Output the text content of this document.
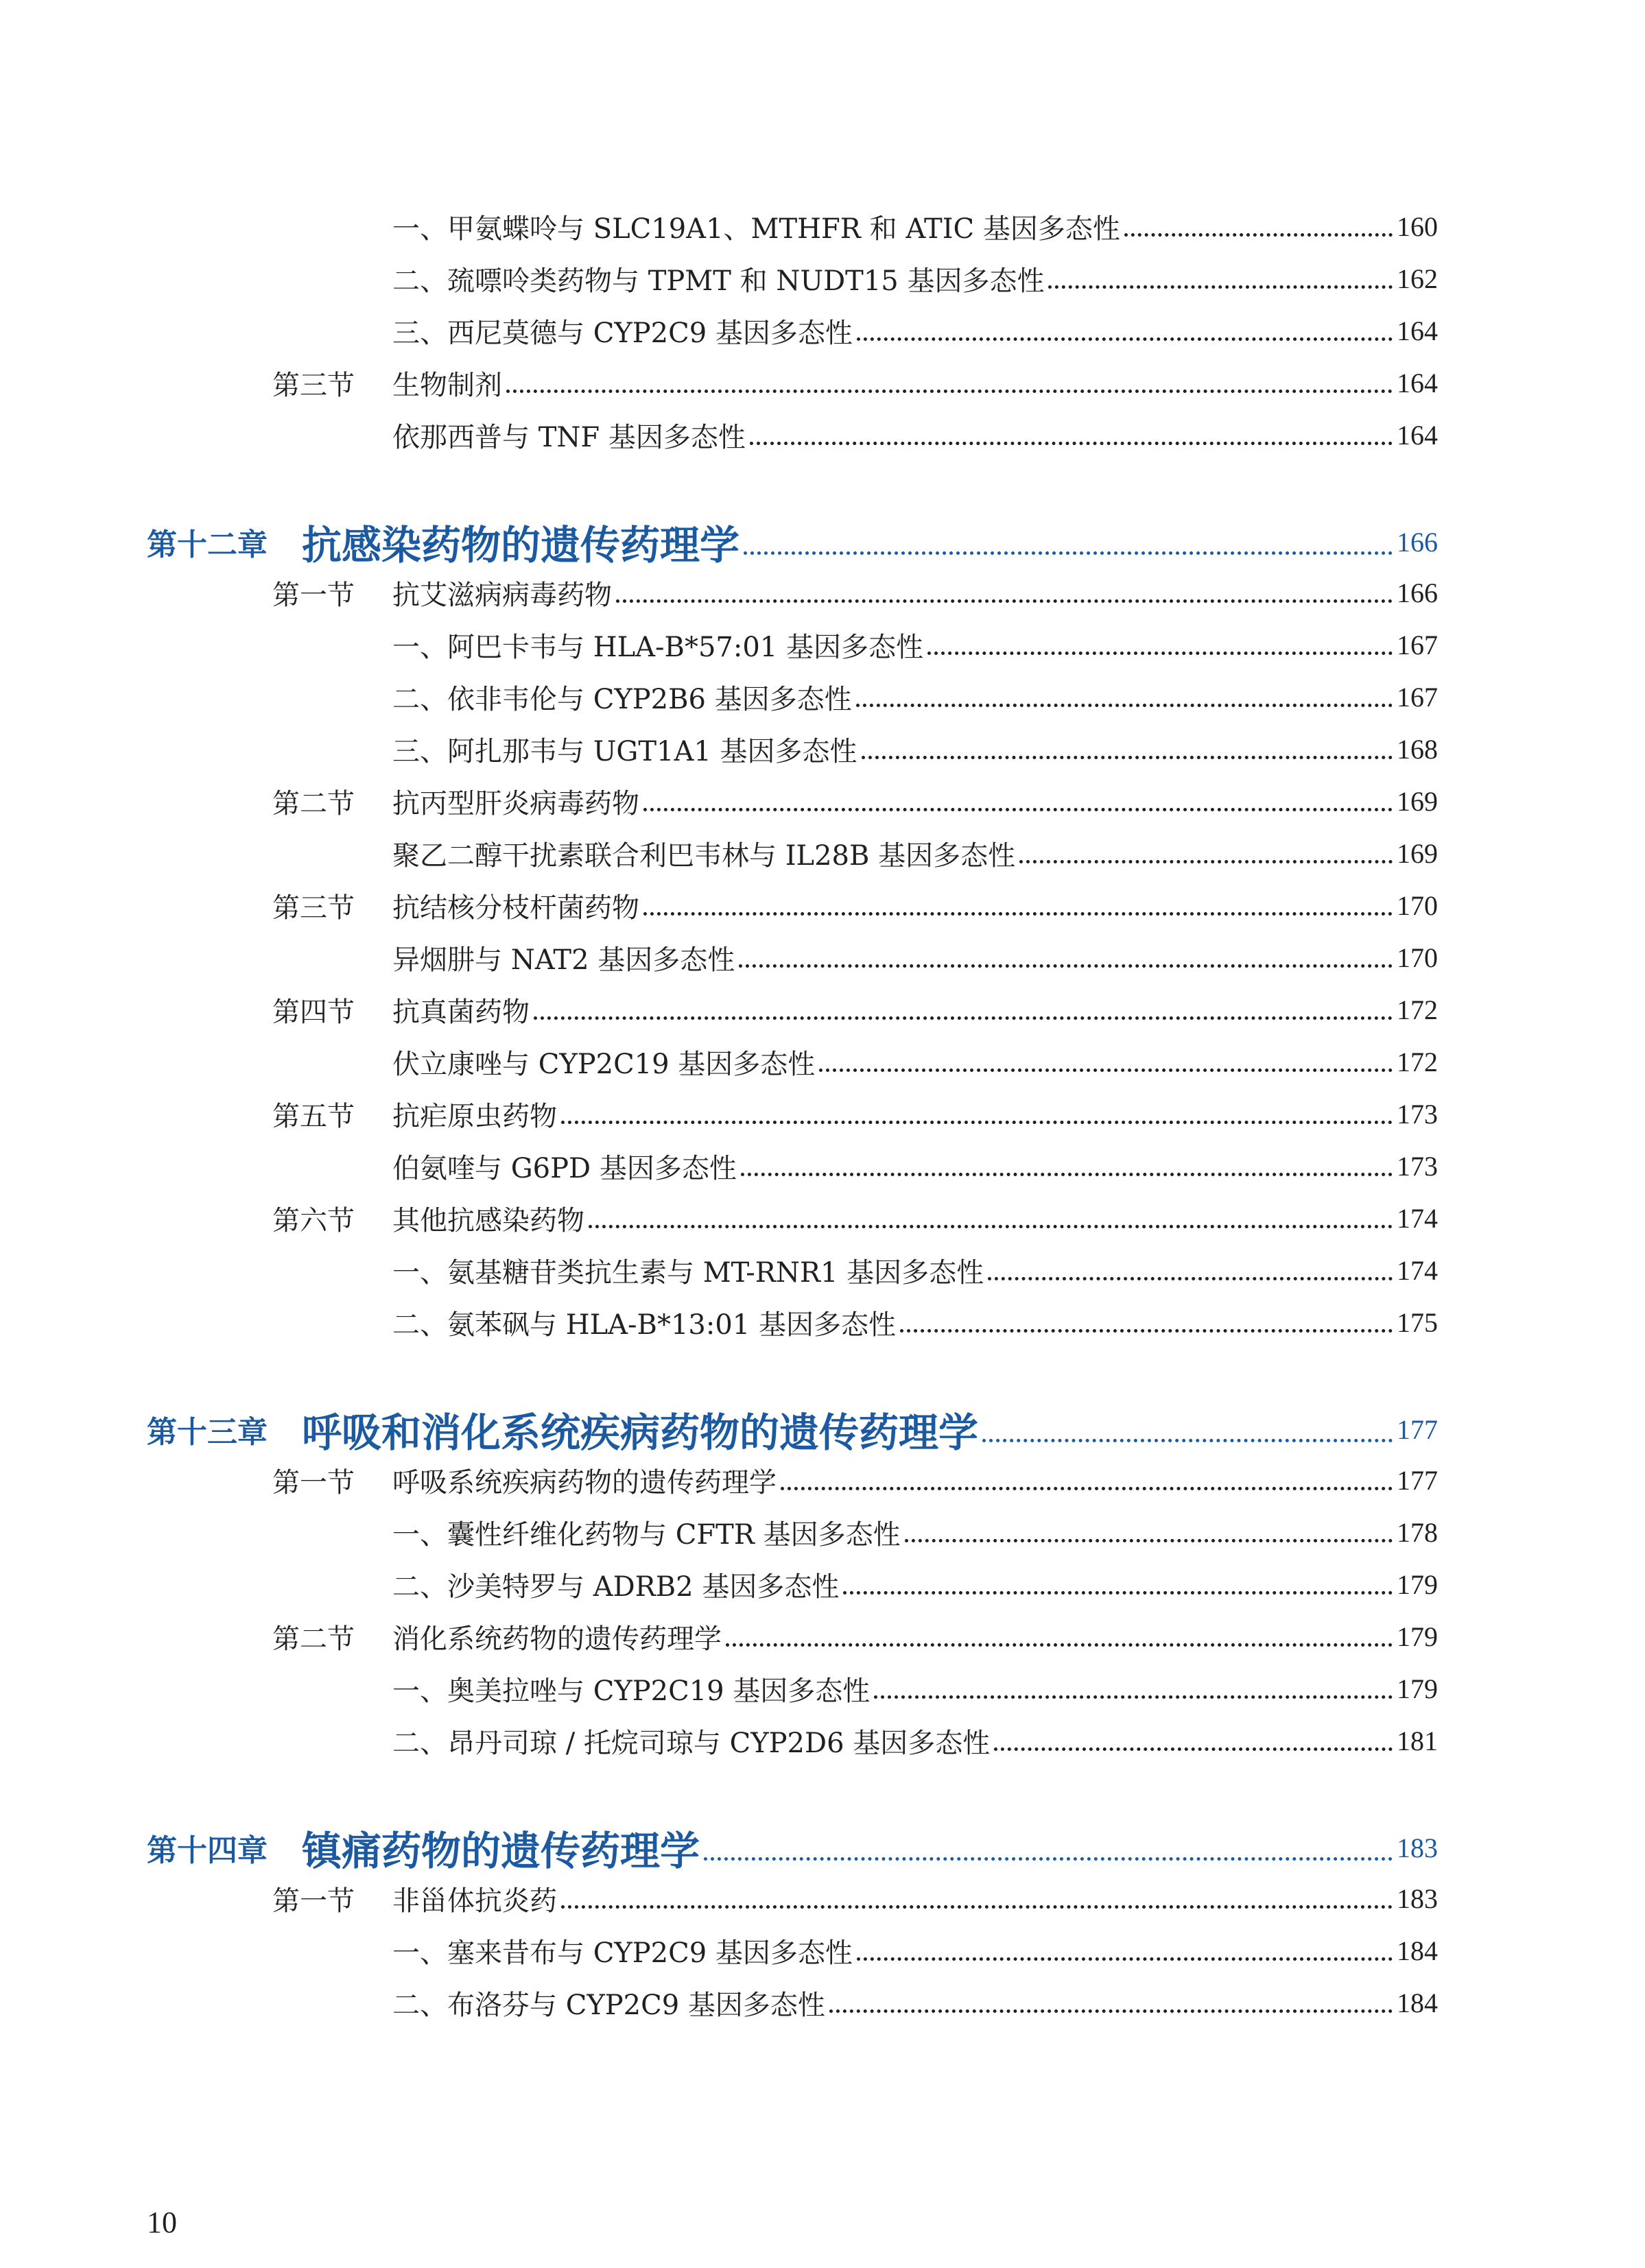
一、甲氨蝶呤与 SLC19A1、MTHFR 和 ATIC 基因多态性	160
二、巯嘌呤类药物与 TPMT 和 NUDT15 基因多态性	162
三、西尼莫德与 CYP2C9 基因多态性	164
第三节 生物制剂	164
依那西普与 TNF 基因多态性	164
第十二章 抗感染药物的遗传药理学	166
第一节 抗艾滋病病毒药物	166
一、阿巴卡韦与 HLA-B*57:01 基因多态性	167
二、依非韦伦与 CYP2B6 基因多态性	167
三、阿扎那韦与 UGT1A1 基因多态性	168
第二节 抗丙型肝炎病毒药物	169
聚乙二醇干扰素联合利巴韦林与 IL28B 基因多态性	169
第三节 抗结核分枝杆菌药物	170
异烟肼与 NAT2 基因多态性	170
第四节 抗真菌药物	172
伏立康唑与 CYP2C19 基因多态性	172
第五节 抗疟原虫药物	173
伯氨喹与 G6PD 基因多态性	173
第六节 其他抗感染药物	174
一、氨基糖苷类抗生素与 MT-RNR1 基因多态性	174
二、氨苯砜与 HLA-B*13:01 基因多态性	175
第十三章 呼吸和消化系统疾病药物的遗传药理学	177
第一节 呼吸系统疾病药物的遗传药理学	177
一、囊性纤维化药物与 CFTR 基因多态性	178
二、沙美特罗与 ADRB2 基因多态性	179
第二节 消化系统药物的遗传药理学	179
一、奥美拉唑与 CYP2C19 基因多态性	179
二、昂丹司琼 / 托烷司琼与 CYP2D6 基因多态性	181
第十四章 镇痛药物的遗传药理学	183
第一节 非甾体抗炎药	183
一、塞来昔布与 CYP2C9 基因多态性	184
二、布洛芬与 CYP2C9 基因多态性	184
10
